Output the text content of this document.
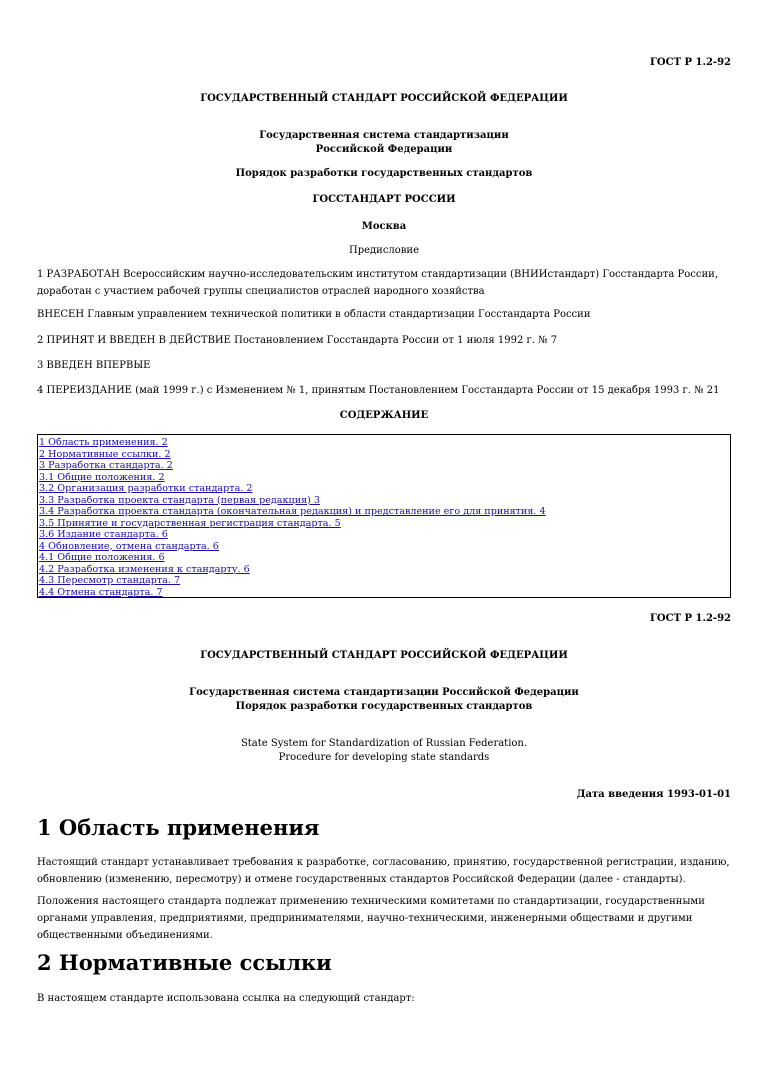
ГОСТ Р 1.2-92
ГОСУДАРСТВЕННЫЙ СТАНДАРТ РОССИЙСКОЙ ФЕДЕРАЦИИ
Государственная система стандартизации
Российской Федерации
Порядок разработки государственных стандартов
ГОССТАНДАРТ РОССИИ
Москва
Предисловие
1 РАЗРАБОТАН Всероссийским научно-исследовательским институтом стандартизации (ВНИИстандарт) Госстандарта России, доработан с участием рабочей группы специалистов отраслей народного хозяйства
ВНЕСЕН Главным управлением технической политики в области стандартизации Госстандарта России
2 ПРИНЯТ И ВВЕДЕН В ДЕЙСТВИЕ Постановлением Госстандарта России от 1 июля 1992 г. № 7
3 ВВЕДЕН ВПЕРВЫЕ
4 ПЕРЕИЗДАНИЕ (май 1999 г.) с Изменением № 1, принятым Постановлением Госстандарта России от 15 декабря 1993 г. № 21
СОДЕРЖАНИЕ
1 Область применения. 2
2 Нормативные ссылки. 2
3 Разработка стандарта. 2
3.1 Общие положения. 2
3.2 Организация разработки стандарта. 2
3.3 Разработка проекта стандарта (первая редакция) 3
3.4 Разработка проекта стандарта (окончательная редакция) и представление его для принятия. 4
3.5 Принятие и государственная регистрация стандарта. 5
3.6 Издание стандарта. 6
4 Обновление, отмена стандарта. 6
4.1 Общие положения. 6
4.2 Разработка изменения к стандарту. 6
4.3 Пересмотр стандарта. 7
4.4 Отмена стандарта. 7
ГОСТ Р 1.2-92
ГОСУДАРСТВЕННЫЙ СТАНДАРТ РОССИЙСКОЙ ФЕДЕРАЦИИ
Государственная система стандартизации Российской Федерации
Порядок разработки государственных стандартов
State System for Standardization of Russian Federation.
Procedure for developing state standards
Дата введения 1993-01-01
1 Область применения
Настоящий стандарт устанавливает требования к разработке, согласованию, принятию, государственной регистрации, изданию, обновлению (изменению, пересмотру) и отмене государственных стандартов Российской Федерации (далее - стандарты).
Положения настоящего стандарта подлежат применению техническими комитетами по стандартизации, государственными органами управления, предприятиями, предпринимателями, научно-техническими, инженерными обществами и другими общественными объединениями.
2 Нормативные ссылки
В настоящем стандарте использована ссылка на следующий стандарт:
